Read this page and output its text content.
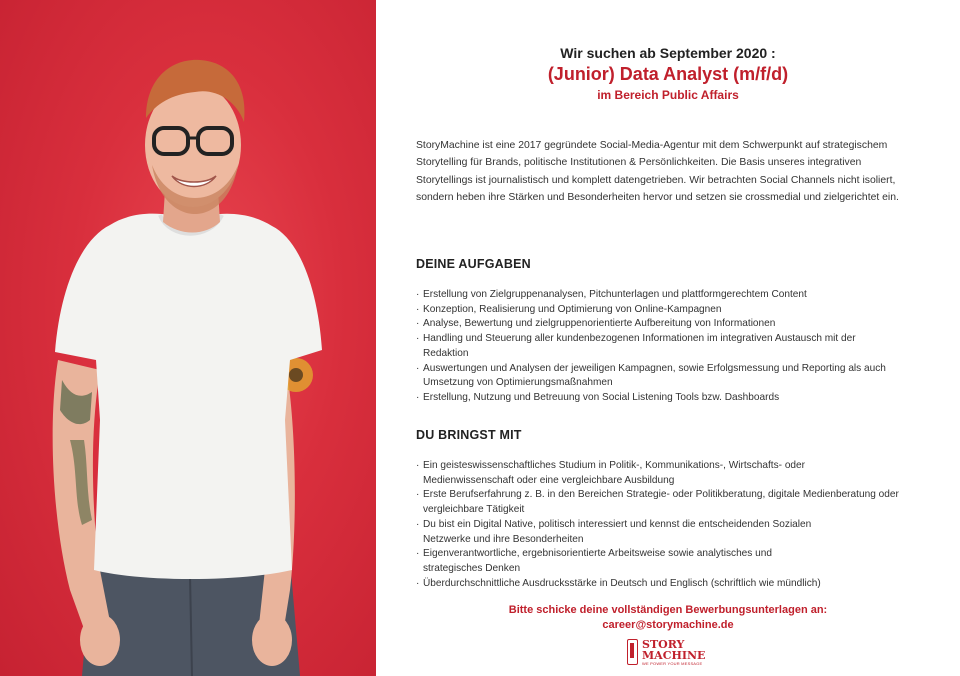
Wir suchen ab September 2020 :
(Junior) Data Analyst (m/f/d)
im Bereich Public Affairs

StoryMachine ist eine 2017 gegründete Social-Media-Agentur mit dem Schwerpunkt auf strategischem Storytelling für Brands, politische Institutionen & Persönlichkeiten. Die Basis unseres integrativen Storytellings ist journalistisch und komplett datengetrieben. Wir betrachten Social Channels nicht isoliert, sondern heben ihre Stärken und Besonderheiten hervor und setzen sie crossmedial und zielgerichtet ein.

DEINE AUFGABEN
· Erstellung von Zielgruppenanalysen, Pitchunterlagen und plattformgerechtem Content
· Konzeption, Realisierung und Optimierung von Online-Kampagnen
· Analyse, Bewertung und zielgruppenorientierte Aufbereitung von Informationen
· Handling und Steuerung aller kundenbezogenen Informationen im integrativen Austausch mit der Redaktion
· Auswertungen und Analysen der jeweiligen Kampagnen, sowie Erfolgsmessung und Reporting als auch Umsetzung von Optimierungsmaßnahmen
· Erstellung, Nutzung und Betreuung von Social Listening Tools bzw. Dashboards
DU BRINGST MIT
· Ein geisteswissenschaftliches Studium in Politik-, Kommunikations-, Wirtschafts- oder Medienwissenschaft oder eine vergleichbare Ausbildung
· Erste Berufserfahrung z. B. in den Bereichen Strategie- oder Politikberatung, digitale Medienberatung oder vergleichbare Tätigkeit
· Du bist ein Digital Native, politisch interessiert und kennst die entscheidenden Sozialen Netzwerke und ihre Besonderheiten
· Eigenverantwortliche, ergebnisorientierte Arbeitsweise sowie analytisches und strategisches Denken
· Überdurchschnittliche Ausdrucksstärke in Deutsch und Englisch (schriftlich wie mündlich)
Bitte schicke deine vollständigen Bewerbungsunterlagen an:
career@storymachine.de
STORY
MACHINE
WE POWER YOUR MESSAGE
